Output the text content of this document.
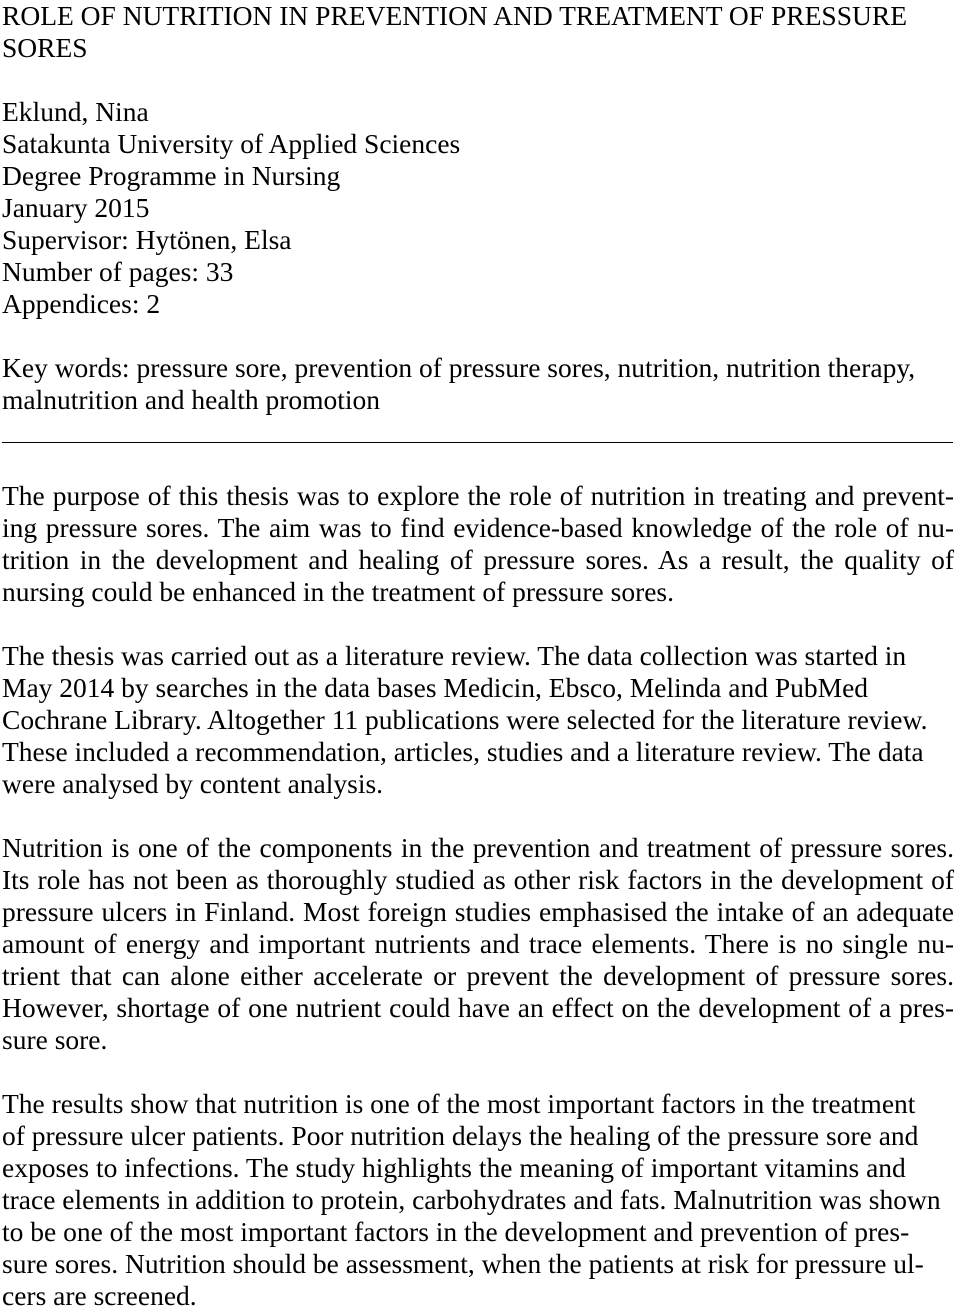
ROLE OF NUTRITION IN PREVENTION AND TREATMENT OF PRESSURE
SORES
Eklund, Nina
Satakunta University of Applied Sciences
Degree Programme in Nursing
January 2015
Supervisor: Hytönen, Elsa
Number of pages: 33
Appendices: 2
Key words: pressure sore, prevention of pressure sores, nutrition, nutrition therapy,
malnutrition and health promotion
The purpose of this thesis was to explore the role of nutrition in treating and prevent-
ing pressure sores. The aim was to find evidence-based knowledge of the role of nu-
trition in the development and healing of pressure sores. As a result, the quality of
nursing could be enhanced in the treatment of pressure sores.
The thesis was carried out as a literature review. The data collection was started in
May 2014 by searches in the data bases Medicin, Ebsco, Melinda and PubMed
Cochrane Library. Altogether 11 publications were selected for the literature review.
These included a recommendation, articles, studies and a literature review. The data
were analysed by content analysis.
Nutrition is one of the components in the prevention and treatment of pressure sores.
Its role has not been as thoroughly studied as other risk factors in the development of
pressure ulcers in Finland. Most foreign studies emphasised the intake of an adequate
amount of energy and important nutrients and trace elements. There is no single nu-
trient that can alone either accelerate or prevent the development of pressure sores.
However, shortage of one nutrient could have an effect on the development of a pres-
sure sore.
The results show that nutrition is one of the most important factors in the treatment
of pressure ulcer patients. Poor nutrition delays the healing of the pressure sore and
exposes to infections. The study highlights the meaning of important vitamins and
trace elements in addition to protein, carbohydrates and fats. Malnutrition was shown
to be one of the most important factors in the development and prevention of pres-
sure sores. Nutrition should be assessment, when the patients at risk for pressure ul-
cers are screened.
